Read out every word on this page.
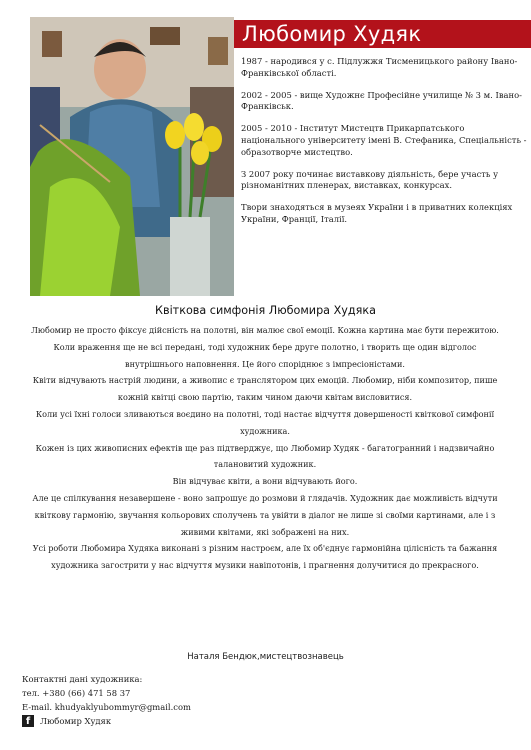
Любомир Худяк

1987 - народився у с. Підлужжя Тисменицького району Івано-Франківської області.

2002 - 2005 - вище Художнє Професійне училище № 3 м. Івано-Франківськ.

2005 - 2010 - Інститут Мистецтв Прикарпатського національного університету імені В. Стефаника, Спеціальність - образотворче мистецтво.

З 2007 року починає виставкову діяльність, бере участь у різноманітних пленерах, виставках, конкурсах.

Твори знаходяться в музеях України і в приватних колекціях України, Франції, Італії.

Квіткова симфонія Любомира Худяка

Любомир не просто фіксує дійсність на полотні, він малює свої емоції. Кожна картина має бути пережитою. Коли враження ще не всі передані, тоді художник бере друге полотно, і творить ще один відголос внутрішнього наповнення. Це його споріднює з імпресіоністами.

Квіти відчувають настрій людини, а живопис є транслятором цих емоцій. Любомир, ніби композитор, пише кожній квітці свою партію, таким чином даючи квітам висловитися.

Коли усі їхні голоси зливаються воєдино на полотні, тоді настає відчуття довершеності квіткової симфонії художника.

Кожен із цих живописних ефектів ще раз підтверджує, що Любомир Худяк - багатогранний і надзвичайно талановитий художник.

Він відчуває квіти, а вони відчувають його.

Але це спілкування незавершене - воно запрошує до розмови й глядачів. Художник дає можливість відчути квіткову гармонію, звучання кольорових сполучень та увійти в діалог не лише зі своїми картинами, але і з живими квітами, які зображені на них.

Усі роботи Любомира Худяка виконані з різним настроєм, але їх об'єднує гармонійна цілісність та бажання художника загострити у нас відчуття музики навіпотонів, і прагнення долучитися до прекрасного.

Наталя Бендюк,мистецтвознавець
Контактні дані художника:
тел. +380 (66) 471 58 37
E-mail. khudyaklyubommyr@gmail.com
f	Любомир Худяк
